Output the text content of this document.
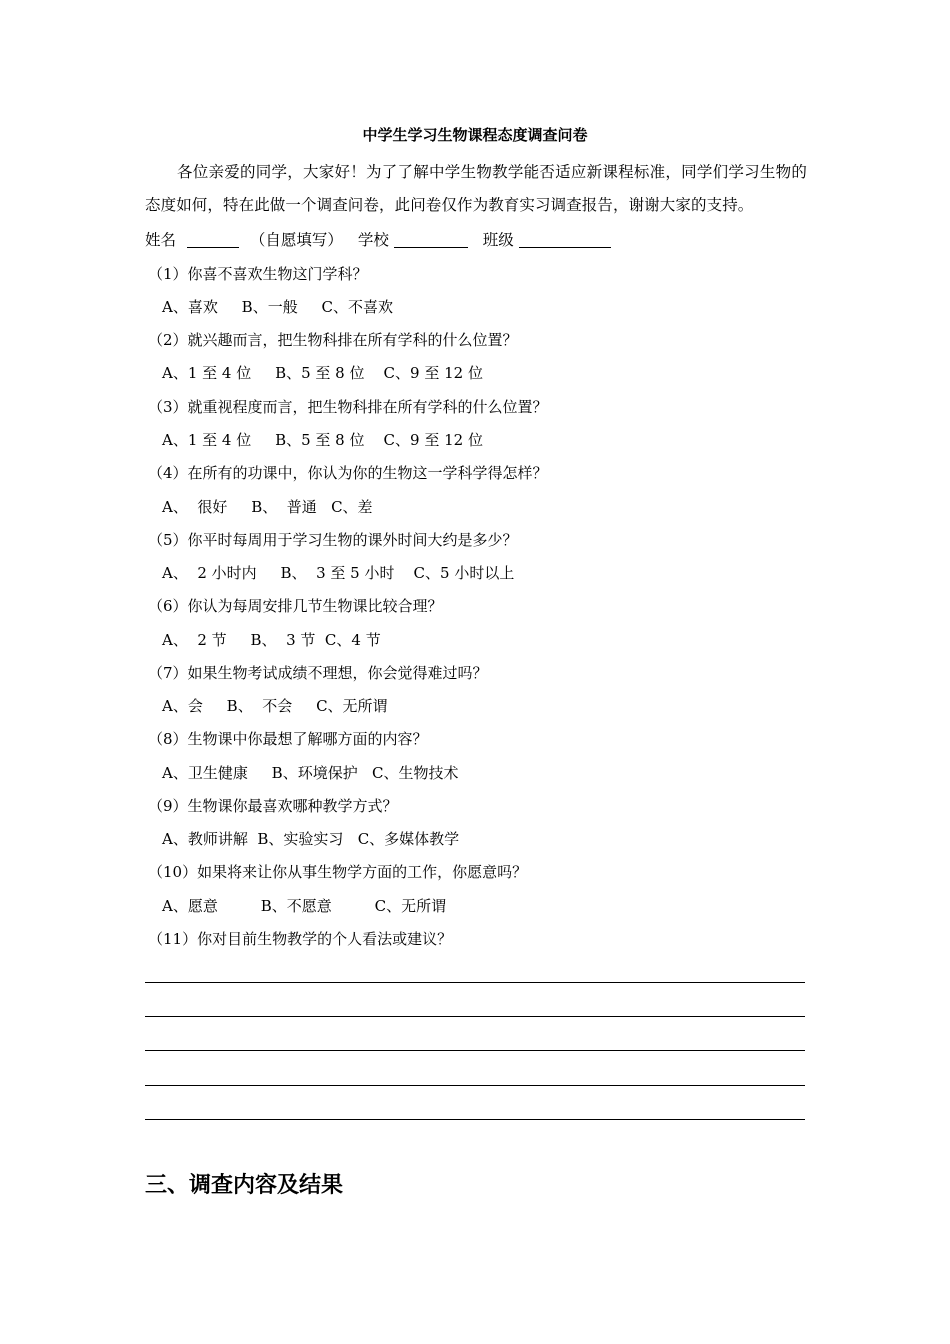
中学生学习生物课程态度调查问卷
各位亲爱的同学，大家好！为了了解中学生物教学能否适应新课程标准，同学们学习生物的态度如何，特在此做一个调查问卷，此问卷仅作为教育实习调查报告，谢谢大家的支持。
姓名	（自愿填写） 学校	班级
（1）你喜不喜欢生物这门学科？
A、喜欢     B、一般     C、不喜欢
（2）就兴趣而言，把生物科排在所有学科的什么位置？
A、1 至 4 位     B、5 至 8 位    C、9 至 12 位
（3）就重视程度而言，把生物科排在所有学科的什么位置？
A、1 至 4 位     B、5 至 8 位    C、9 至 12 位
（4）在所有的功课中，你认为你的生物这一学科学得怎样？
A、  很好     B、  普通   C、差
（5）你平时每周用于学习生物的课外时间大约是多少？
A、  2 小时内     B、  3 至 5 小时    C、5 小时以上
（6）你认为每周安排几节生物课比较合理？
A、  2 节     B、  3 节  C、4 节
（7）如果生物考试成绩不理想，你会觉得难过吗？
A、会     B、  不会     C、无所谓
（8）生物课中你最想了解哪方面的内容？
A、卫生健康     B、环境保护   C、生物技术
（9）生物课你最喜欢哪种教学方式？
A、教师讲解  B、实验实习   C、多媒体教学
（10）如果将来让你从事生物学方面的工作，你愿意吗？
A、愿意         B、不愿意         C、无所谓
（11）你对目前生物教学的个人看法或建议？
三、调查内容及结果
